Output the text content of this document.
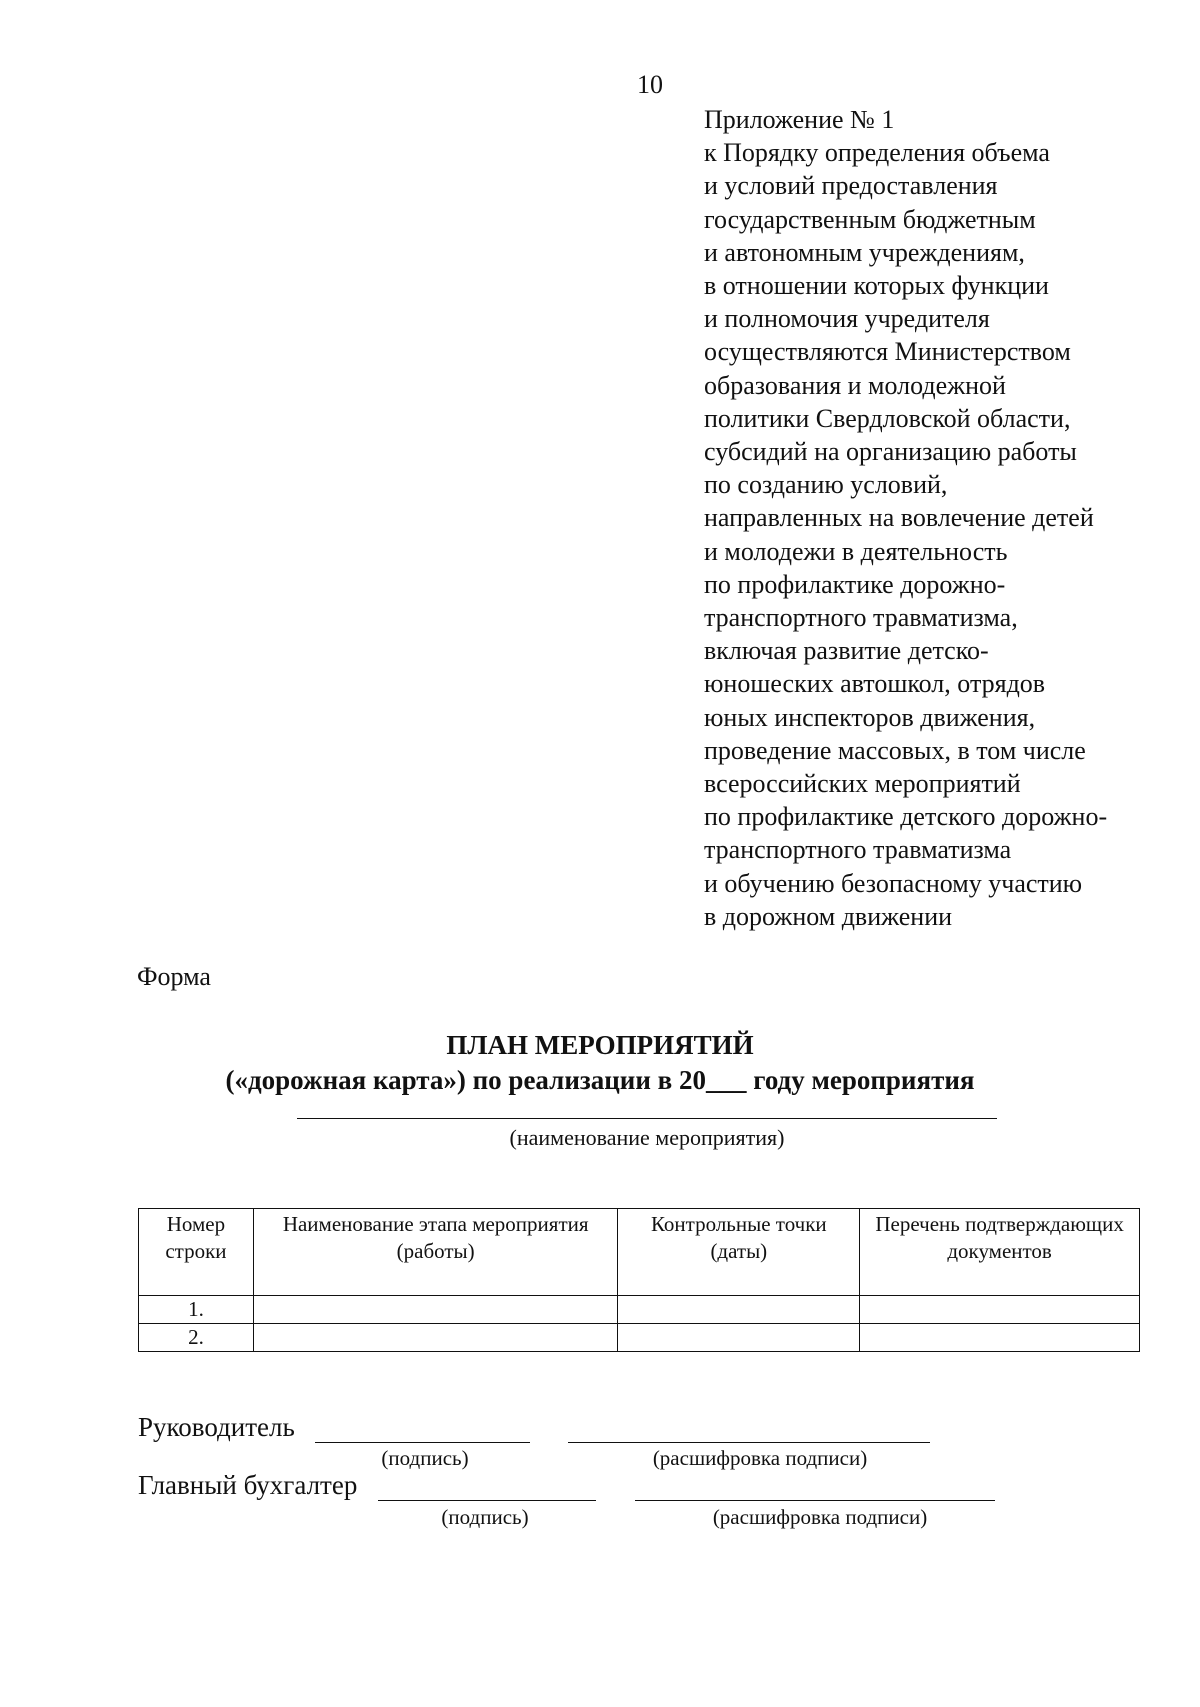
10
Приложение № 1
к Порядку определения объема
и условий предоставления
государственным бюджетным
и автономным учреждениям,
в отношении которых функции
и полномочия учредителя
осуществляются Министерством
образования и молодежной
политики Свердловской области,
субсидий на организацию работы
по созданию условий,
направленных на вовлечение детей
и молодежи в деятельность
по профилактике дорожно-
транспортного травматизма,
включая развитие детско-
юношеских автошкол, отрядов
юных инспекторов движения,
проведение массовых, в том числе
всероссийских мероприятий
по профилактике детского дорожно-
транспортного травматизма
и обучению безопасному участию
в дорожном движении
Форма
ПЛАН МЕРОПРИЯТИЙ
(«дорожная карта») по реализации в 20___ году мероприятия
(наименование мероприятия)
Номер строки	Наименование этапа мероприятия (работы)	Контрольные точки (даты)	Перечень подтверждающих документов
1.			
2.			
Руководитель
(подпись)	(расшифровка подписи)
Главный бухгалтер
(подпись)	(расшифровка подписи)
